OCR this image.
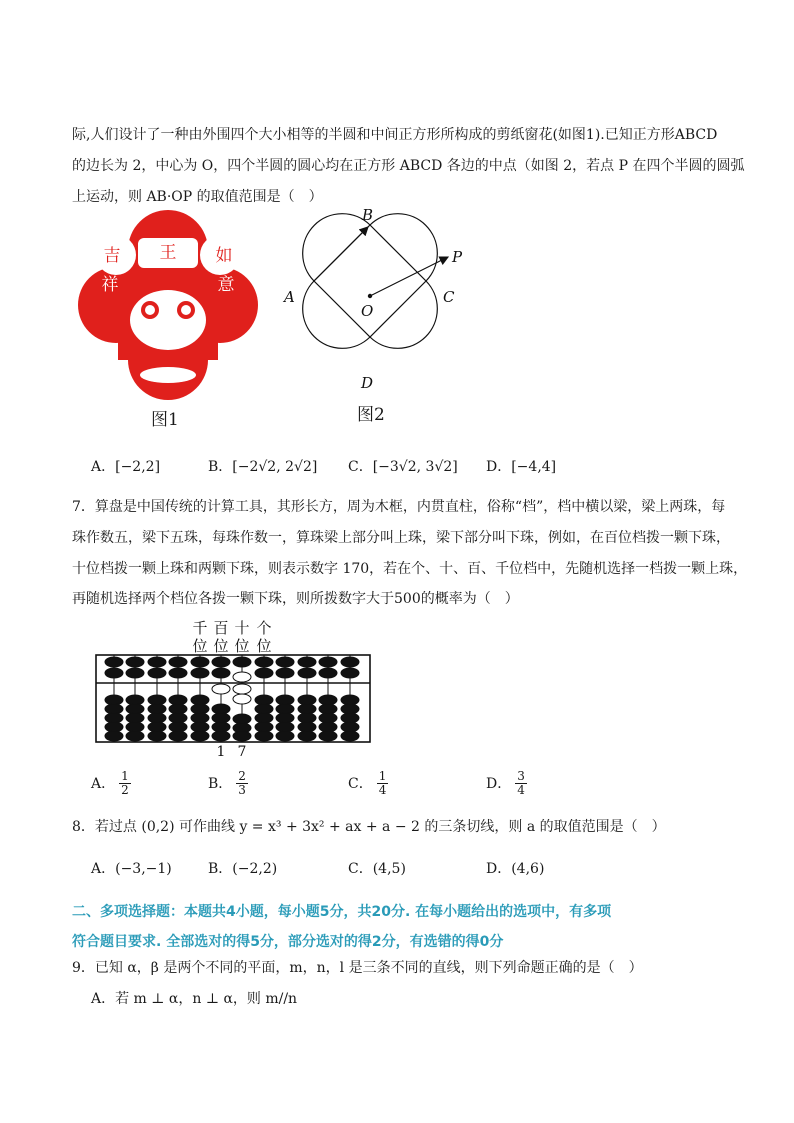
际,人们设计了一种由外围四个大小相等的半圆和中间正方形所构成的剪纸窗花(如图1).已知正方形ABCD
的边长为 2，中心为 O，四个半圆的圆心均在正方形 ABCD 各边的中点（如图 2，若点 P 在四个半圆的圆弧
上运动，则 AB·OP 的取值范围是（　）
吉
祥
如
意
王
图1
B
P
A	C
O
D
图2
A．[−2,2]	B．[−2√2, 2√2] C．[−3√2, 3√2] D．[−4,4]
7．算盘是中国传统的计算工具，其形长方，周为木框，内贯直柱，俗称“档”，档中横以梁，梁上两珠，每
珠作数五，梁下五珠，每珠作数一，算珠梁上部分叫上珠，梁下部分叫下珠，例如，在百位档拨一颗下珠，
十位档拨一颗上珠和两颗下珠，则表示数字 170，若在个、十、百、千位档中，先随机选择一档拨一颗上珠，
再随机选择两个档位各拨一颗下珠，则所拨数字大于500的概率为（　）
千 百 十 个
位 位 位 位
1 7
A． $\frac{1}{2}$	B． $\frac{2}{3}$	C． $\frac{1}{4}$	D． $\frac{3}{4}$
8．若过点 (0,2) 可作曲线 y = x³ + 3x² + ax + a − 2 的三条切线，则 a 的取值范围是（　）
A．(−3,−1)	B．(−2,2)	C．(4,5)	D．(4,6)
二、多项选择题：本题共4小题，每小题5分，共20分. 在每小题给出的选项中，有多项
符合题目要求. 全部选对的得5分，部分选对的得2分，有选错的得0分
9．已知 α，β 是两个不同的平面，m，n，l 是三条不同的直线，则下列命题正确的是（　）
A．若 m ⊥ α，n ⊥ α，则 m//n
